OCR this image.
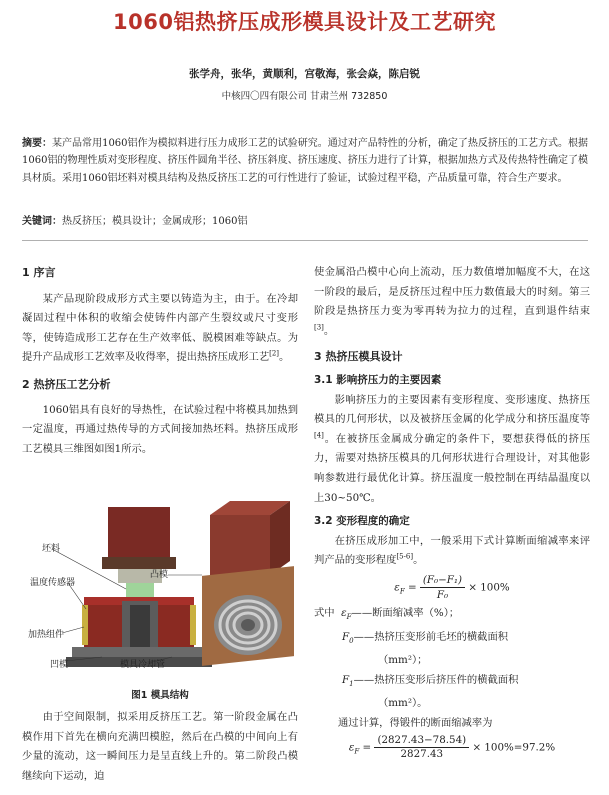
1060铝热挤压成形模具设计及工艺研究
张学舟，张华，黄顺利，宫敬海，张会焱，陈启锐
中核四〇四有限公司 甘肃兰州 732850
摘要：某产品常用1060铝作为模拟料进行压力成形工艺的试验研究。通过对产品特性的分析，确定了热反挤压的工艺方式。根据1060铝的物理性质对变形程度、挤压件圆角半径、挤压斜度、挤压速度、挤压力进行了计算，根据加热方式及传热特性确定了模具材质。采用1060铝坯料对模具结构及热反挤压工艺的可行性进行了验证，试验过程平稳，产品质量可靠，符合生产要求。
关键词：热反挤压；模具设计；金属成形；1060铝
1 序言
某产品现阶段成形方式主要以铸造为主，由于。在冷却凝固过程中体积的收缩会使铸件内部产生裂纹或尺寸变形等，使铸造成形工艺存在生产效率低、脱模困难等缺点。为提升产品成形工艺效率及收得率，提出热挤压成形工艺[2]。
2 热挤压工艺分析
1060铝具有良好的导热性，在试验过程中将模具加热到一定温度，再通过热传导的方式间接加热坯料。热挤压成形工艺模具三维图如图1所示。
坯料
温度传感器
凸模
加热组件
凹模	模具冷却管
图1 模具结构
由于空间限制，拟采用反挤压工艺。第一阶段金属在凸模作用下首先在横向充满凹模腔，然后在凸模的中间向上有少量的流动，这一瞬间压力是呈直线上升的。第二阶段凸模继续向下运动，迫
使金属沿凸模中心向上流动，压力数值增加幅度不大，在这一阶段的最后，是反挤压过程中压力数值最大的时刻。第三阶段是热挤压力变为零再转为拉力的过程，直到退件结束[3]。
3 热挤压模具设计
3.1 影响挤压力的主要因素
影响挤压力的主要因素有变形程度、变形速度、热挤压模具的几何形状，以及被挤压金属的化学成分和挤压温度等[4]。在被挤压金属成分确定的条件下，要想获得低的挤压力，需要对热挤压模具的几何形状进行合理设计，对其他影响参数进行最优化计算。挤压温度一般控制在再结晶温度以上30~50℃。
3.2 变形程度的确定
在挤压成形加工中，一般采用下式计算断面缩减率来评判产品的变形程度[5-6]。
$\varepsilon_F = \frac{\text{(F₀−F₁)}}{\text{F₀}} \times 100\%$
式中 $\varepsilon_F——$断面缩减率（%）；
$F_0——$热挤压变形前毛坯的横截面积
（mm²）；
$F_1——$热挤压变形后挤压件的横截面积
（mm²）。
通过计算，得锻件的断面缩减率为
$\varepsilon_F = \frac{(2827.43-78.54)}{2827.43} \times 100\%=97.2\%$
